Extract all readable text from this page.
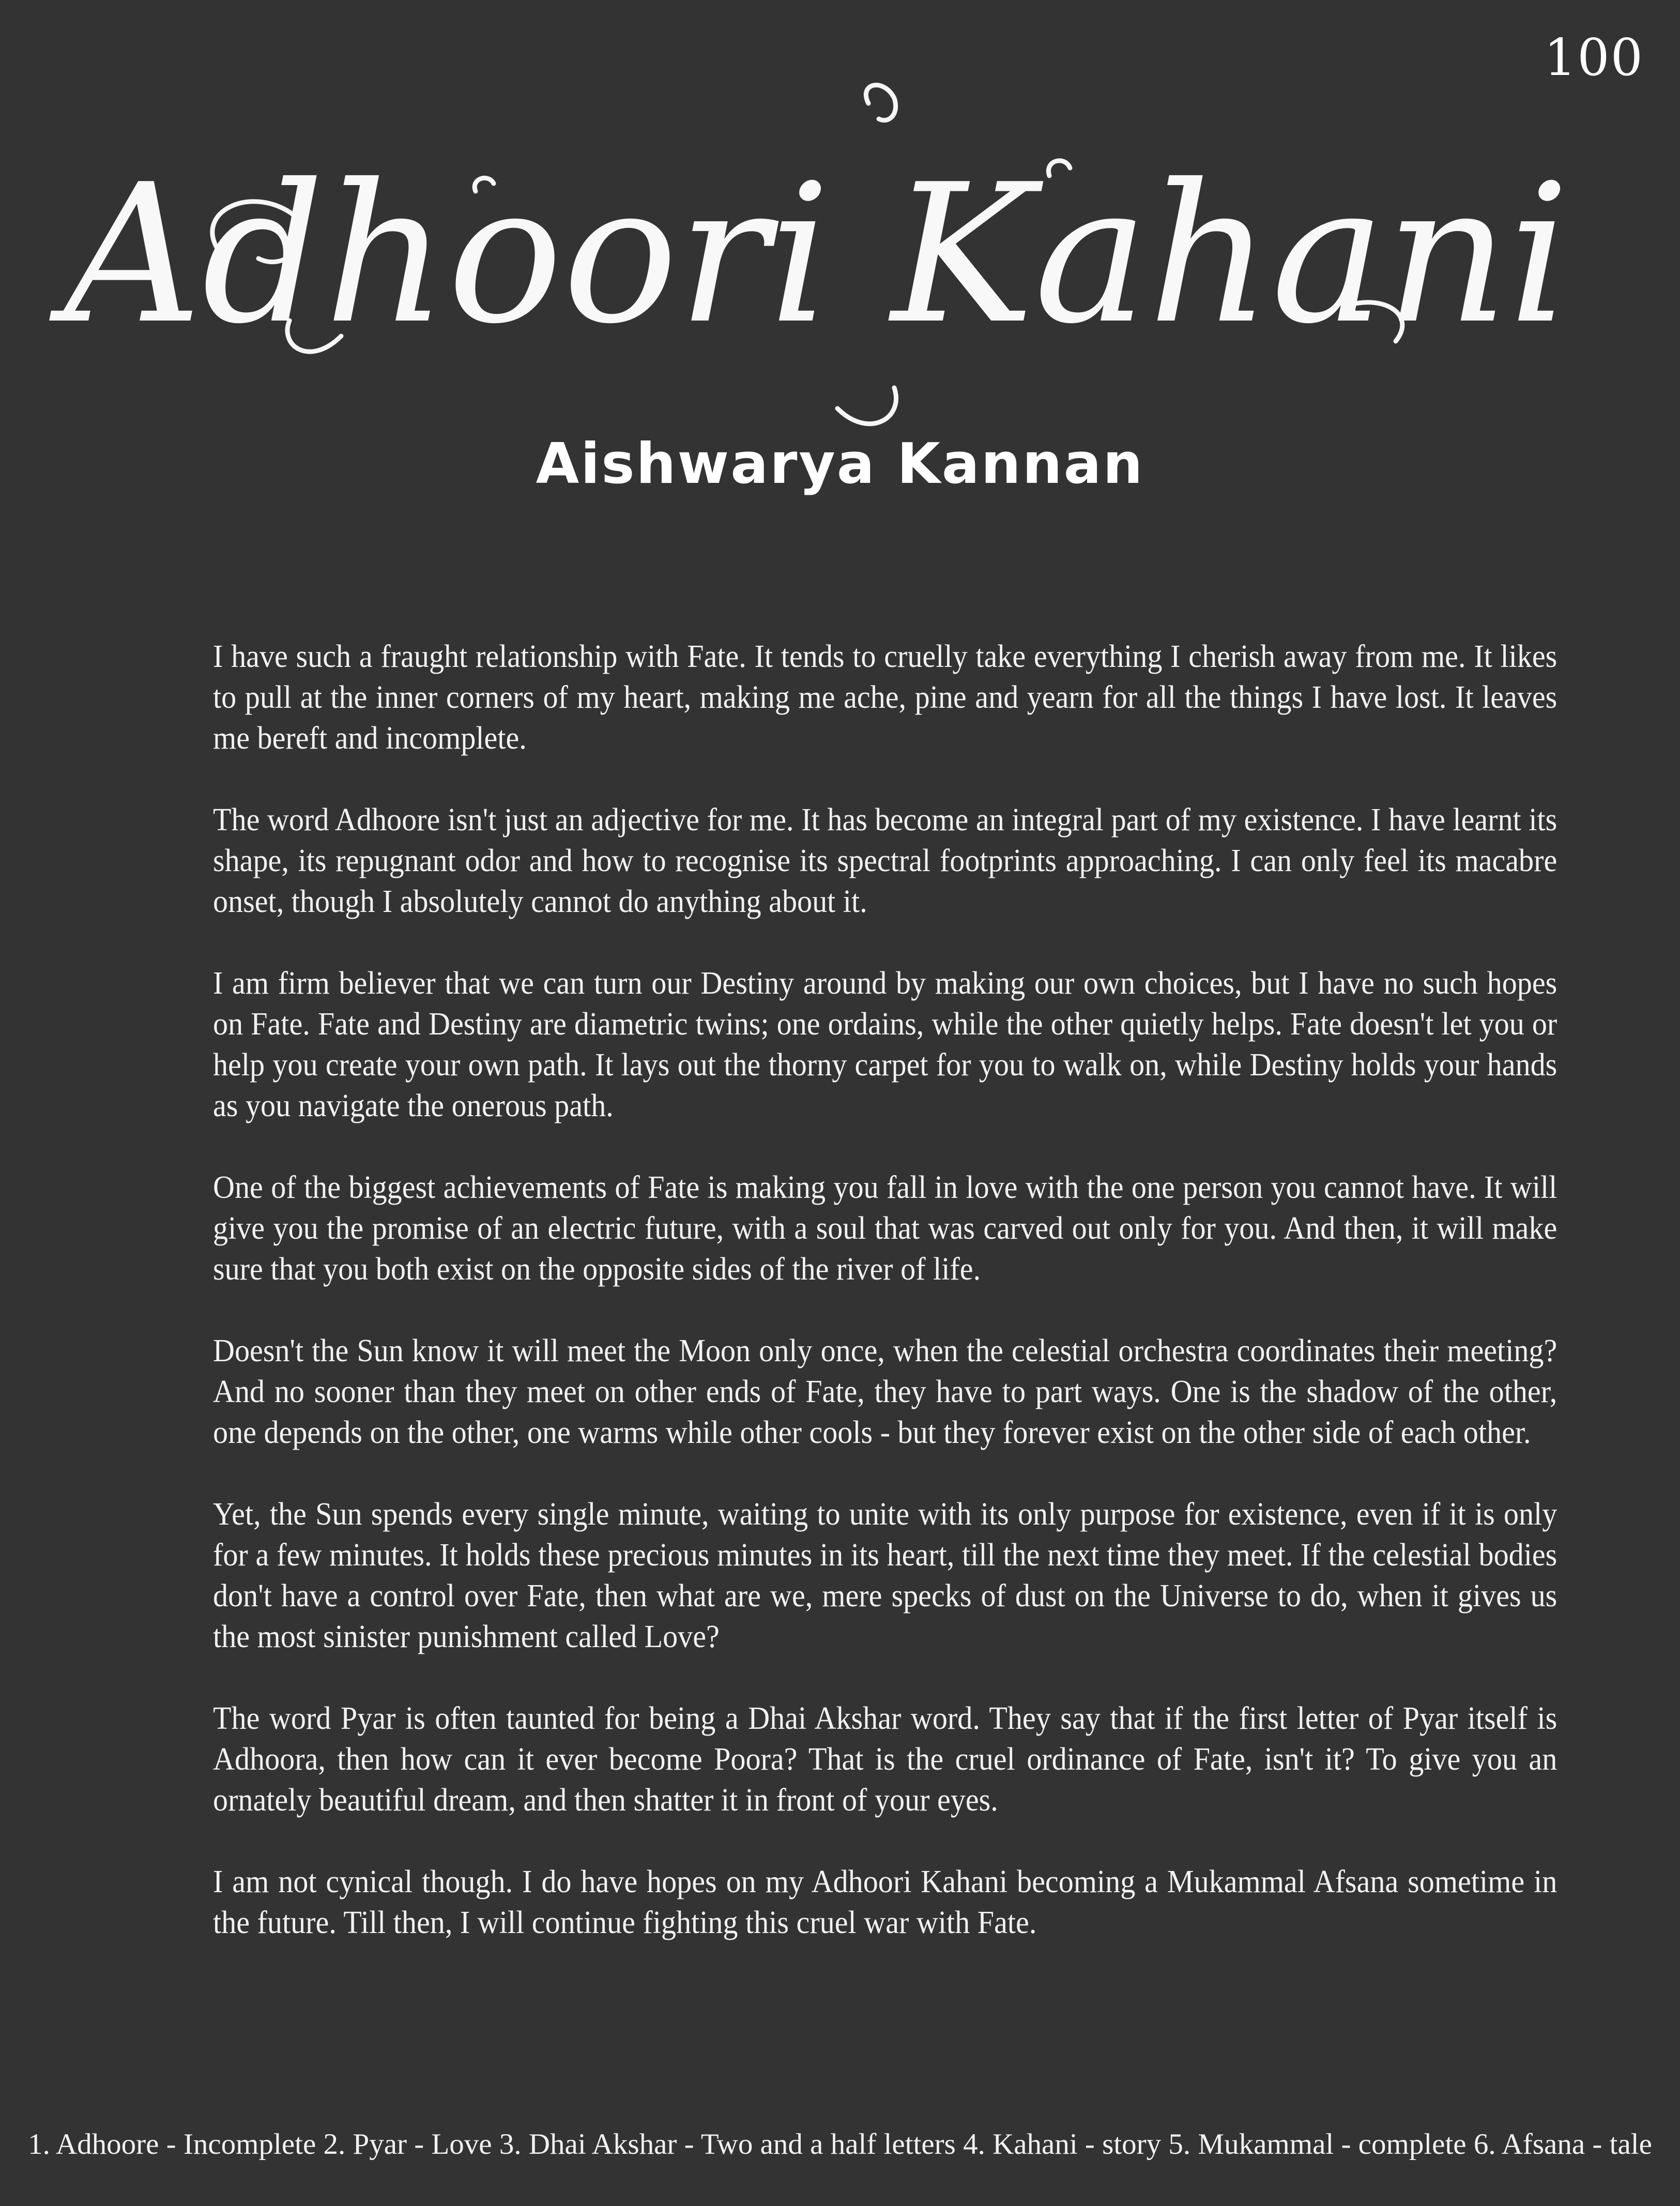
100
Adhoori Kahani
Aishwarya Kannan

I have such a fraught relationship with Fate. It tends to cruelly take everything I cherish away from me. It likes to pull at the inner corners of my heart, making me ache, pine and yearn for all the things I have lost. It leaves me bereft and incomplete.

The word Adhoore isn't just an adjective for me. It has become an integral part of my existence. I have learnt its shape, its repugnant odor and how to recognise its spectral footprints approaching. I can only feel its macabre onset, though I absolutely cannot do anything about it.

I am firm believer that we can turn our Destiny around by making our own choices, but I have no such hopes on Fate. Fate and Destiny are diametric twins; one ordains, while the other quietly helps. Fate doesn't let you or help you create your own path. It lays out the thorny carpet for you to walk on, while Destiny holds your hands as you navigate the onerous path.

One of the biggest achievements of Fate is making you fall in love with the one person you cannot have. It will give you the promise of an electric future, with a soul that was carved out only for you. And then, it will make sure that you both exist on the opposite sides of the river of life.

Doesn't the Sun know it will meet the Moon only once, when the celestial orchestra coordinates their meeting? And no sooner than they meet on other ends of Fate, they have to part ways. One is the shadow of the other, one depends on the other, one warms while other cools - but they forever exist on the other side of each other.

Yet, the Sun spends every single minute, waiting to unite with its only purpose for existence, even if it is only for a few minutes. It holds these precious minutes in its heart, till the next time they meet. If the celestial bodies don't have a control over Fate, then what are we, mere specks of dust on the Universe to do, when it gives us the most sinister punishment called Love?

The word Pyar is often taunted for being a Dhai Akshar word. They say that if the first letter of Pyar itself is Adhoora, then how can it ever become Poora? That is the cruel ordinance of Fate, isn't it? To give you an ornately beautiful dream, and then shatter it in front of your eyes.

I am not cynical though. I do have hopes on my Adhoori Kahani becoming a Mukammal Afsana sometime in the future. Till then, I will continue fighting this cruel war with Fate.

1. Adhoore - Incomplete 2. Pyar - Love 3. Dhai Akshar - Two and a half letters 4. Kahani - story 5. Mukammal - complete 6. Afsana - tale
